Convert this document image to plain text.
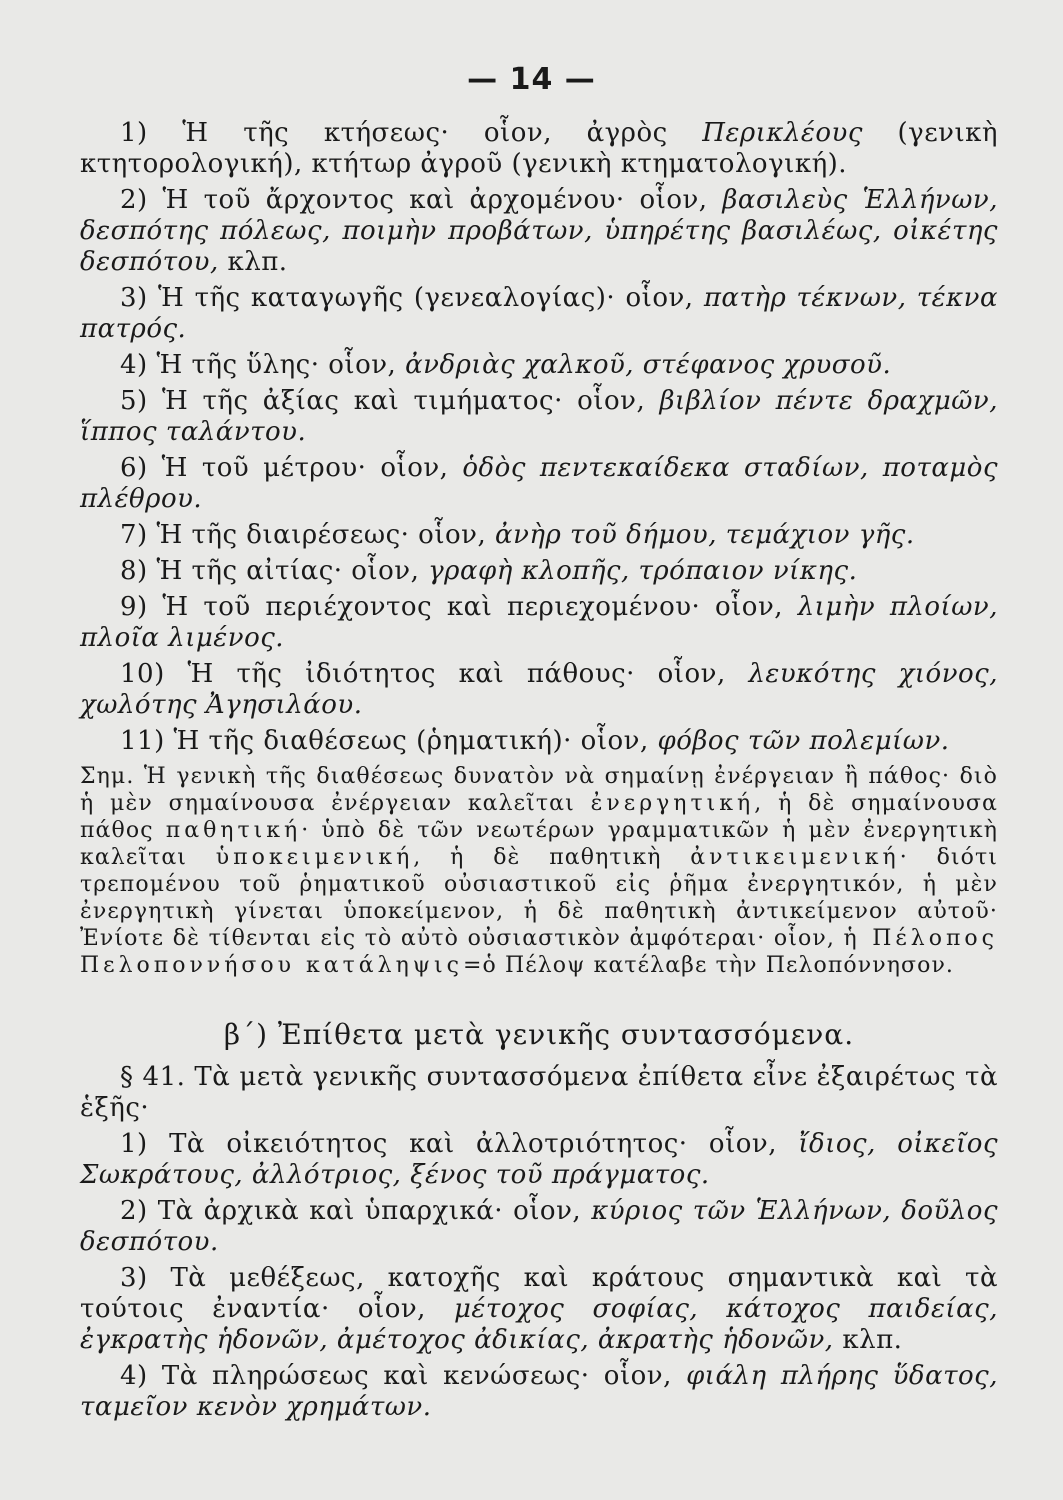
— 14 —

1) Ἡ τῆς κτήσεως· οἷον, ἀγρὸς Περικλέους (γενικὴ κτητορολογική), κτήτωρ ἀγροῦ (γενικὴ κτηματολογική).

2) Ἡ τοῦ ἄρχοντος καὶ ἀρχομένου· οἷον, βασιλεὺς Ἑλλήνων, δεσπότης πόλεως, ποιμὴν προβάτων, ὑπηρέτης βασιλέως, οἰκέτης δεσπότου, κλπ.

3) Ἡ τῆς καταγωγῆς (γενεαλογίας)· οἷον, πατὴρ τέκνων, τέκνα πατρός.

4) Ἡ τῆς ὕλης· οἷον, ἀνδριὰς χαλκοῦ, στέφανος χρυσοῦ.

5) Ἡ τῆς ἀξίας καὶ τιμήματος· οἷον, βιβλίον πέντε δραχμῶν, ἵππος ταλάντου.

6) Ἡ τοῦ μέτρου· οἷον, ὁδὸς πεντεκαίδεκα σταδίων, ποταμὸς πλέθρου.

7) Ἡ τῆς διαιρέσεως· οἷον, ἀνὴρ τοῦ δήμου, τεμάχιον γῆς.

8) Ἡ τῆς αἰτίας· οἷον, γραφὴ κλοπῆς, τρόπαιον νίκης.

9) Ἡ τοῦ περιέχοντος καὶ περιεχομένου· οἷον, λιμὴν πλοίων, πλοῖα λιμένος.

10) Ἡ τῆς ἰδιότητος καὶ πάθους· οἷον, λευκότης χιόνος, χωλότης Ἀγησιλάου.

11) Ἡ τῆς διαθέσεως (ῥηματική)· οἷον, φόβος τῶν πολεμίων.

Σημ. Ἡ γενικὴ τῆς διαθέσεως δυνατὸν νὰ σημαίνῃ ἐνέργειαν ἢ πάθος· διὸ ἡ μὲν σημαίνουσα ἐνέργειαν καλεῖται ἐνεργητική, ἡ δὲ σημαίνουσα πάθος παθητική· ὑπὸ δὲ τῶν νεωτέρων γραμματικῶν ἡ μὲν ἐνεργητικὴ καλεῖται ὑποκειμενική, ἡ δὲ παθητικὴ ἀντικειμενική· διότι τρεπομένου τοῦ ῥηματικοῦ οὐσιαστικοῦ εἰς ῥῆμα ἐνεργητικόν, ἡ μὲν ἐνεργητικὴ γίνεται ὑποκείμενον, ἡ δὲ παθητικὴ ἀντικείμενον αὐτοῦ· Ἐνίοτε δὲ τίθενται εἰς τὸ αὐτὸ οὐσιαστικὸν ἀμφότεραι· οἷον, ἡ Πέλοπος Πελοποννήσου κατάληψις=ὁ Πέλοψ κατέλαβε τὴν Πελοπόννησον.

β΄) Ἐπίθετα μετὰ γενικῆς συντασσόμενα.

§ 41. Τὰ μετὰ γενικῆς συντασσόμενα ἐπίθετα εἶνε ἐξαιρέτως τὰ ἑξῆς·

1) Τὰ οἰκειότητος καὶ ἀλλοτριότητος· οἷον, ἴδιος, οἰκεῖος Σωκράτους, ἀλλότριος, ξένος τοῦ πράγματος.

2) Τὰ ἀρχικὰ καὶ ὑπαρχικά· οἷον, κύριος τῶν Ἑλλήνων, δοῦλος δεσπότου.

3) Τὰ μεθέξεως, κατοχῆς καὶ κράτους σημαντικὰ καὶ τὰ τούτοις ἐναντία· οἷον, μέτοχος σοφίας, κάτοχος παιδείας, ἐγκρατὴς ἡδονῶν, ἀμέτοχος ἀδικίας, ἀκρατὴς ἡδονῶν, κλπ.

4) Τὰ πληρώσεως καὶ κενώσεως· οἷον, φιάλη πλήρης ὕδατος, ταμεῖον κενὸν χρημάτων.
